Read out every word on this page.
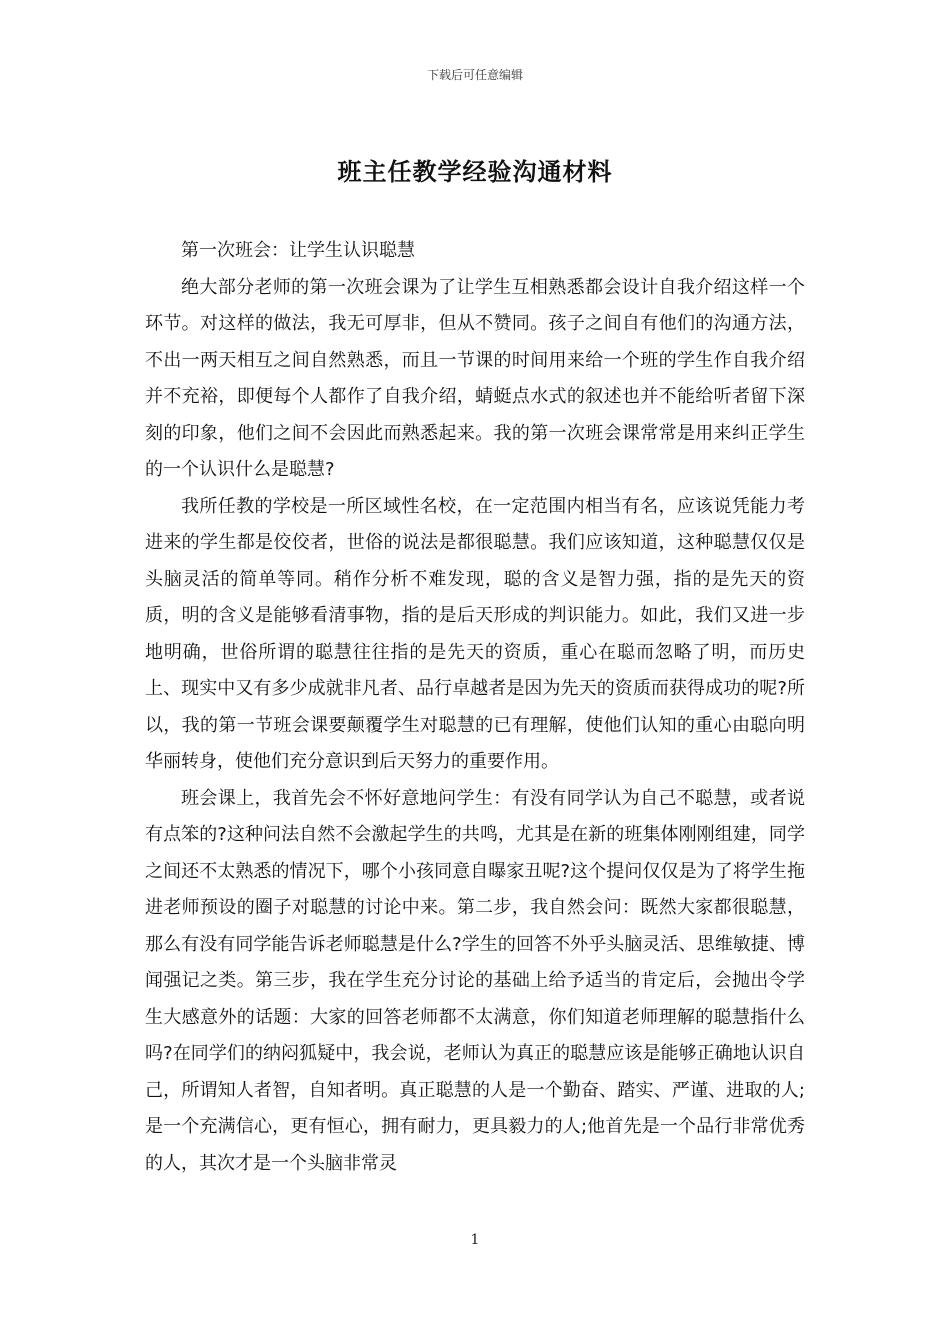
下载后可任意编辑
班主任教学经验沟通材料

第一次班会：让学生认识聪慧

绝大部分老师的第一次班会课为了让学生互相熟悉都会设计自我介绍这样一个环节。对这样的做法，我无可厚非，但从不赞同。孩子之间自有他们的沟通方法，不出一两天相互之间自然熟悉，而且一节课的时间用来给一个班的学生作自我介绍并不充裕，即便每个人都作了自我介绍，蜻蜓点水式的叙述也并不能给听者留下深刻的印象，他们之间不会因此而熟悉起来。我的第一次班会课常常是用来纠正学生的一个认识什么是聪慧?

我所任教的学校是一所区域性名校，在一定范围内相当有名，应该说凭能力考进来的学生都是佼佼者，世俗的说法是都很聪慧。我们应该知道，这种聪慧仅仅是头脑灵活的简单等同。稍作分析不难发现，聪的含义是智力强，指的是先天的资质，明的含义是能够看清事物，指的是后天形成的判识能力。如此，我们又进一步地明确，世俗所谓的聪慧往往指的是先天的资质，重心在聪而忽略了明，而历史上、现实中又有多少成就非凡者、品行卓越者是因为先天的资质而获得成功的呢?所以，我的第一节班会课要颠覆学生对聪慧的已有理解，使他们认知的重心由聪向明华丽转身，使他们充分意识到后天努力的重要作用。

班会课上，我首先会不怀好意地问学生：有没有同学认为自己不聪慧，或者说有点笨的?这种问法自然不会激起学生的共鸣，尤其是在新的班集体刚刚组建，同学之间还不太熟悉的情况下，哪个小孩同意自曝家丑呢?这个提问仅仅是为了将学生拖进老师预设的圈子对聪慧的讨论中来。第二步，我自然会问：既然大家都很聪慧，那么有没有同学能告诉老师聪慧是什么?学生的回答不外乎头脑灵活、思维敏捷、博闻强记之类。第三步，我在学生充分讨论的基础上给予适当的肯定后，会抛出令学生大感意外的话题：大家的回答老师都不太满意，你们知道老师理解的聪慧指什么吗?在同学们的纳闷狐疑中，我会说，老师认为真正的聪慧应该是能够正确地认识自己，所谓知人者智，自知者明。真正聪慧的人是一个勤奋、踏实、严谨、进取的人;是一个充满信心，更有恒心，拥有耐力，更具毅力的人;他首先是一个品行非常优秀的人，其次才是一个头脑非常灵

1
